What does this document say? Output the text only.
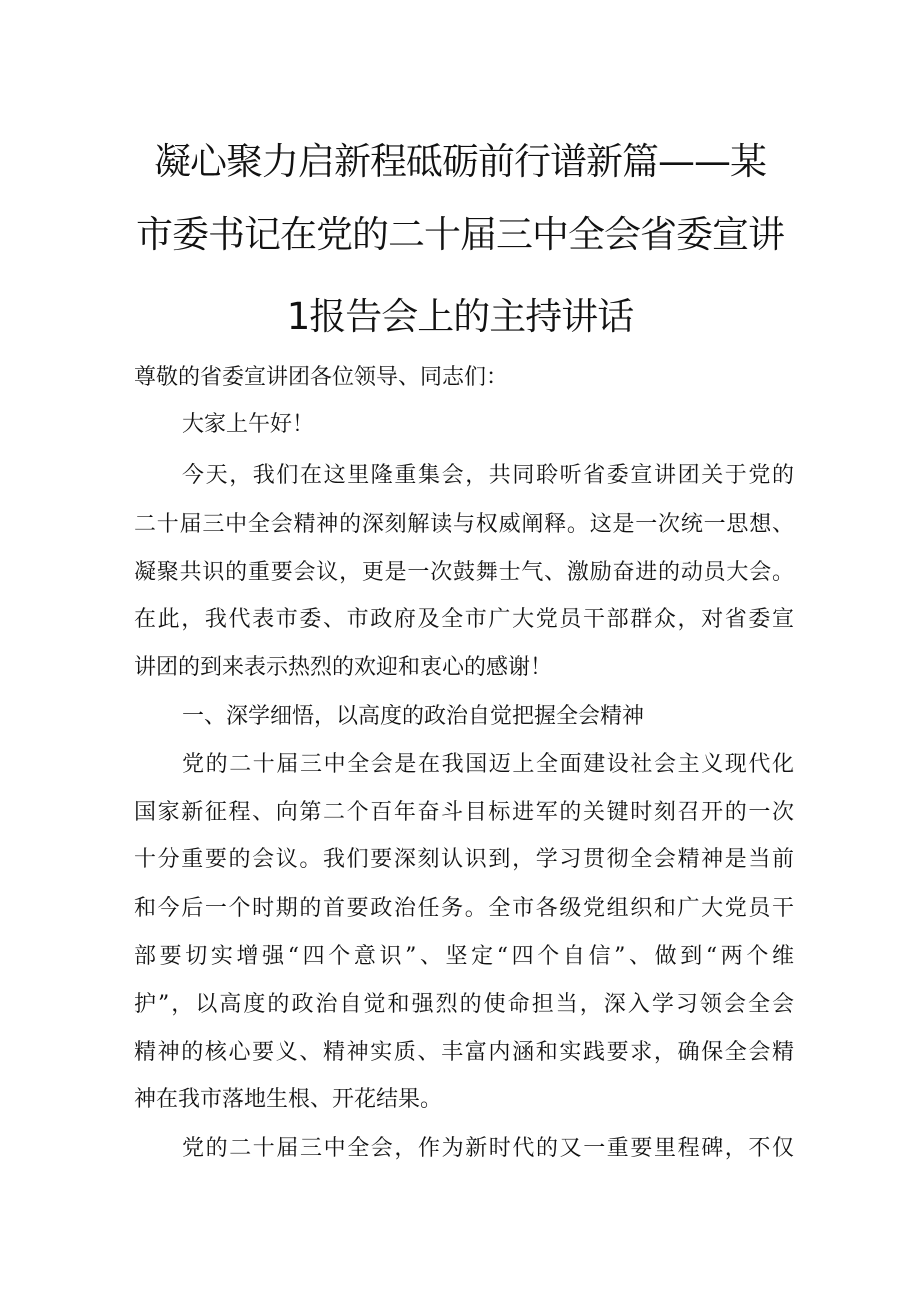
凝心聚力启新程砥砺前行谱新篇——某
市委书记在党的二十届三中全会省委宣讲
1报告会上的主持讲话
尊敬的省委宣讲团各位领导、同志们：
大家上午好！
今天，我们在这里隆重集会，共同聆听省委宣讲团关于党的
二十届三中全会精神的深刻解读与权威阐释。这是一次统一思想、
凝聚共识的重要会议，更是一次鼓舞士气、激励奋进的动员大会。
在此，我代表市委、市政府及全市广大党员干部群众，对省委宣
讲团的到来表示热烈的欢迎和衷心的感谢！
一、深学细悟，以高度的政治自觉把握全会精神
党的二十届三中全会是在我国迈上全面建设社会主义现代化
国家新征程、向第二个百年奋斗目标进军的关键时刻召开的一次
十分重要的会议。我们要深刻认识到，学习贯彻全会精神是当前
和今后一个时期的首要政治任务。全市各级党组织和广大党员干
部要切实增强“四个意识”、坚定“四个自信”、做到“两个维
护”，以高度的政治自觉和强烈的使命担当，深入学习领会全会
精神的核心要义、精神实质、丰富内涵和实践要求，确保全会精
神在我市落地生根、开花结果。
党的二十届三中全会，作为新时代的又一重要里程碑，不仅
